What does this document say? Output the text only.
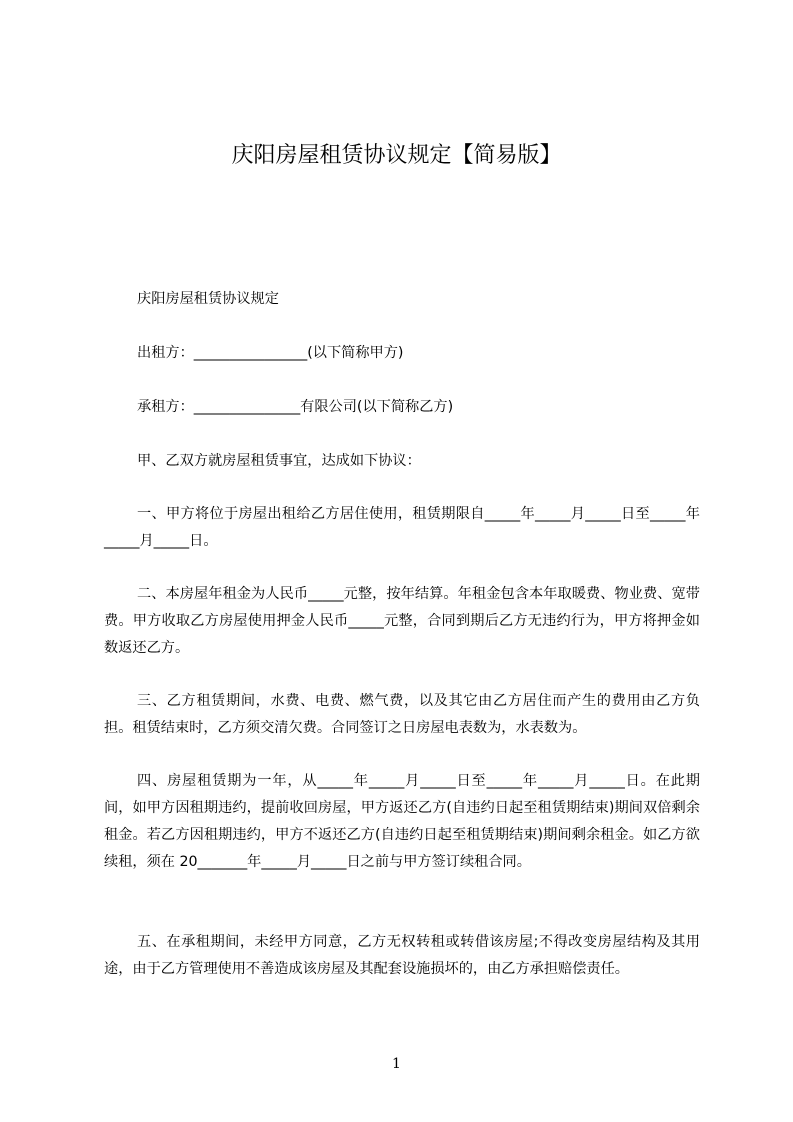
庆阳房屋租赁协议规定【简易版】

庆阳房屋租赁协议规定

出租方：________________(以下简称甲方)

承租方：_______________有限公司(以下简称乙方)

甲、乙双方就房屋租赁事宜，达成如下协议：

一、甲方将位于房屋出租给乙方居住使用，租赁期限自_____年_____月_____日至_____年_____月_____日。

二、本房屋年租金为人民币_____元整，按年结算。年租金包含本年取暖费、物业费、宽带费。甲方收取乙方房屋使用押金人民币_____元整，合同到期后乙方无违约行为，甲方将押金如数返还乙方。

三、乙方租赁期间，水费、电费、燃气费，以及其它由乙方居住而产生的费用由乙方负担。租赁结束时，乙方须交清欠费。合同签订之日房屋电表数为，水表数为。

四、房屋租赁期为一年，从_____年_____月_____日至_____年_____月_____日。在此期间，如甲方因租期违约，提前收回房屋，甲方返还乙方(自违约日起至租赁期结束)期间双倍剩余租金。若乙方因租期违约，甲方不返还乙方(自违约日起至租赁期结束)期间剩余租金。如乙方欲续租，须在 20_______年_____月_____日之前与甲方签订续租合同。

五、在承租期间，未经甲方同意，乙方无权转租或转借该房屋;不得改变房屋结构及其用途，由于乙方管理使用不善造成该房屋及其配套设施损坏的，由乙方承担赔偿责任。

1
